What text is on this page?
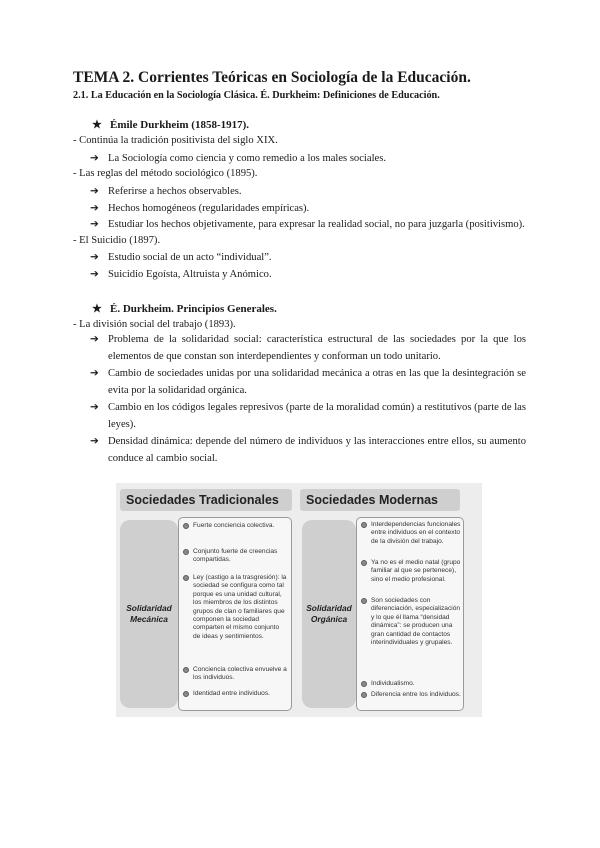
TEMA 2. Corrientes Teóricas en Sociología de la Educación.
2.1. La Educación en la Sociología Clásica. É. Durkheim: Definiciones de Educación.
★ Émile Durkheim (1858-1917).
- Continúa la tradición positivista del siglo XIX.
➔ La Sociología como ciencia y como remedio a los males sociales.
- Las reglas del método sociológico (1895).
➔ Referirse a hechos observables.
➔ Hechos homogéneos (regularidades empíricas).
➔ Estudiar los hechos objetivamente, para expresar la realidad social, no para juzgarla (positivismo).
- El Suicidio (1897).
➔ Estudio social de un acto “individual”.
➔ Suicidio Egoísta, Altruista y Anómico.
★ É. Durkheim. Principios Generales.
- La división social del trabajo (1893).
➔ Problema de la solidaridad social: característica estructural de las sociedades por la que los elementos de que constan son interdependientes y conforman un todo unitario.
➔ Cambio de sociedades unidas por una solidaridad mecánica a otras en las que la desintegración se evita por la solidaridad orgánica.
➔ Cambio en los códigos legales represivos (parte de la moralidad común) a restitutivos (parte de las leyes).
➔ Densidad dinámica: depende del número de individuos y las interacciones entre ellos, su aumento conduce al cambio social.
Sociedades Tradicionales	Sociedades Modernas
Solidaridad Mecánica
Fuerte conciencia colectiva.
Conjunto fuerte de creencias compartidas.
Ley (castigo a la trasgresión): la sociedad se configura como tal porque es una unidad cultural, los miembros de los distintos grupos de clan o familiares que componen la sociedad comparten el mismo conjunto de ideas y sentimientos.
Conciencia colectiva envuelve a los individuos.
Identidad entre individuos.
Solidaridad Orgánica
Interdependencias funcionales entre individuos en el contexto de la división del trabajo.
Ya no es el medio natal (grupo familiar al que se pertenece), sino el medio profesional.
Son sociedades con diferenciación, especialización y lo que él llama “densidad dinámica”: se producen una gran cantidad de contactos interindividuales y grupales.
Individualismo.
Diferencia entre los individuos.
